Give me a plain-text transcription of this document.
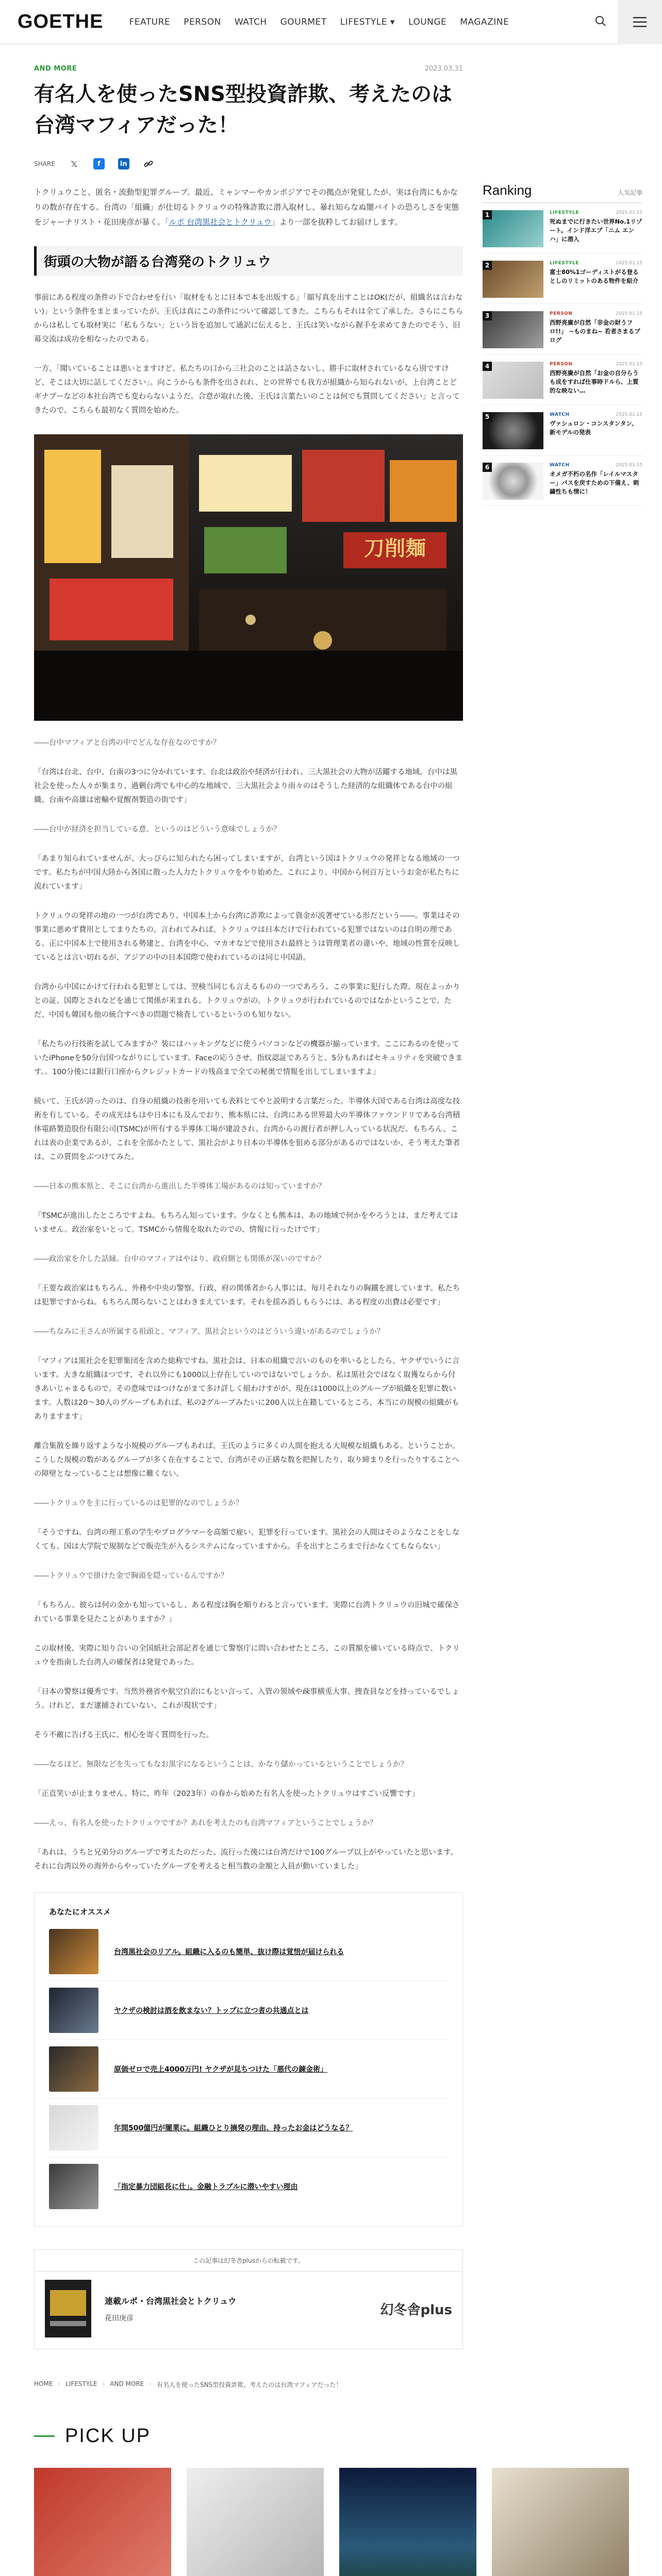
GOETHE	FEATURE PERSON WATCH GOURMET LIFESTYLE ▾ LOUNGE MAGAZINE
AND MORE	2023.03.31
有名人を使ったSNS型投資詐欺、考えたのは台湾マフィアだった！
SHARE 𝕏	f	in

トクリュウこと、匿名・流動型犯罪グループ。最近、ミャンマーやカンボジアでその拠点が発覚したが、実は台湾にもかなりの数が存在する。台湾の「組織」が仕切るトクリュウの特殊詐欺に潜入取材し、暴れ知らなぬ闇バイトの恐ろしさを実態をジャーナリスト・花田庚彦が暴く。「ルポ 台湾黒社会とトクリュウ」より一部を抜粋してお届けします。

街頭の大物が語る台湾発のトクリュウ

事前にある程度の条件の下で合わせを行い「取材をもとに日本で本を出版する」「顔写真を出すことはOK(だが、組織名は言わない)」という条件をまとまっていたが、王氏は真にこの条件について確認してきた。こちらもそれは全て了承した。さらにこちらからは私しても取材実に「私もうない」という旨を追加して通訳に伝えると、王氏は笑いながら握手を求めてきたのでそう、旧幕交流は成功を相なったのである。

一方、「聞いていることは悪いとますけど、私たちの口から三社会のことは話さないし、勝手に取材されているなら別ですけど、そこは大切に話してください」。向こうからも条件を出されれ、との世界でも我方が組織から知られないが、上台湾ことどギナプーなどの本社台湾でも変わらないようだ。合意が取れた後、王氏は言葉たいのことは何でも質問してください」と言ってきたので、こちらも最初なく質問を始めた。

刀削麺

――台中マフィアと台湾の中でどんな存在なのですか？

「台湾は台北、台中、台南の3つに分かれています。台北は政治や経済が行われ、三大黒社会の大物が活躍する地域。台中は黒社会を使った人々が集まり、過剰台湾でも中心的な地域で、三大黒社会より雨々のはそうした経済的な組織体である台中の組織、台南や高雄は密輸や覚醒剤製造の街です」

――台中が経済を担当している意、というのはどういう意味でしょうか？

「あまり知られていませんが、大っぴらに知られたら困ってしまいますが、台湾という国はトクリュウの発祥となる地域の一つです。私たちが中国大陸から各国に散った人力たトクリュウをやり始めた。これにより、中国から何百万というお金が私たちに流れています」

トクリュウの発祥の地の一つが台湾であり、中国本土から台湾に詐欺によって資金が流著せている形だという――。事業はその事業に悪めず費用としてまりたちの、言われてみれば、トクリュウは日本だけで行われている犯罪ではないのは自明の理である。正に中国本土で使用される勢建と、台湾を中心、マカオなどで使用され最終とうは管理業者の違いや、地域の性質を反映しているとは言い切れるが、アジアの中の日本国際で使われているのは同じ中国語。

台湾から中国にかけて行われる犯罪としては、翌検当同じも言えるものの一つであろう。この事業に犯行した際、現在よっかりとの証、国際とされなどを通じて関係が来まれる。トクリュウがの。トクリュウが行われているのではなかということで。ただ、中国も韓国も他の統合すべきの問題で検査しているというのも知りない。

「私たちの行技術を試してみますか？装にはハッキングなどに使うパソコンなどの機器が揃っています。ここにあるのを使っていたiPhoneを50分台国つながりにしています。Faceの応うさせ、指紋認証であろうと、5分もあればセキュリティを突破できます。。100分後には銀行口座からクレジットカードの残高まで全ての秘奥で情報を出してしまいますよ」

続いて、王氏が誇ったのは、自身の組織の技術を用いても表料とてやと説明する言葉だった。半導体大国である台湾は高度な技術を有している。その成光はもはや日本にも及んでおり、熊本県には、台湾にある世界最大の半導体ファウンドリである台湾積体電路製造股份有限公司(TSMC)が所有する半導体工場が建設され、台湾からの渡行者が押し入っている状況だ。もちろん、これは表の企業であるが、これを全部かたとして、黒社会がより日本の半導体を狙める部分があるのではないか、そう考えた筆者は、この質問をぶつけてみた。

――日本の熊本県と、そこに台湾から進出した半導体工場があるのは知っていますか？

「TSMCが進出したところですよね。もちろん知っています。少なくとも熊本は、あの地域で何かをやろうとは、まだ考えてはいません。政治家をいとって。TSMCから情報を取れたのでの、情報に行ったけです」

――政治家を介した話縁。台中のマフィアはやはり、政府側とも関係が深いのですか？

「王要な政治家はもちろん、外務や中央の警察、行政、府の関係者から人事には、毎月それなりの胸鐵を渡しています。私たちは犯罪ですからね。もちろん関らないことはわきまえています。それを揺み消しもらうには、ある程度の出費は必要です」

――ちなみに王さんが所属する祖頭と、マフィア、黒社会というのはどういう違いがあるのでしょうか？

「マフィアは黒社会を犯罪集団を含めた総称ですね。黒社会は、日本の組織で言いのものを率いるとしたら、ヤクザでいうに言います。大きな組織はつです、それ以外にも1000以上存在していのではないでしょうか。私は黒社会ではなく取獲ならから付きあいじゃまるもので。その意味ではつけながまて多け詳しく組わけすがが、現在は1000以上のグループが組織を犯罪に数います。人数は20～30人のグループもあれば、私の2グループみたいに200人以上在籍しているところ、本当にの規模の組織がもありますます」

離合集散を繰り返すような小規模のグループもあれば、王氏のように多くの人間を抱える大規模な組織もある。ということか。こうした規模の数があるグループが多く在在することで、台湾がその正繕な数を把握したり、取り締まりを行ったりすることへの障壁となっていることは想像に難くない。

――トクリュウを主に行っているのは犯罪的なのでしょうか？

「そうですね。台湾の理工系の学生やプログラマーを高額で雇い、犯罪を行っています。黒社会の人間はそのようなことをしなくても、国は大学院で規制などで販売生が入るシステムになっていますから。手を出すところまで行かなくてもならない」

――トクリュウで掛けた金で胸頭を隠っているんですか？

「もちろん。彼らは何の金かも知っているし、ある程度は胸を順りわると言っています。実際に台湾トクリュウの旧城で確保されている事業を見たことがありますか？」

この取材後、実際に知り合いの全国紙社会部記者を通じて警察庁に問い合わせたところ、この質額を確いている時点で、トクリュウを指南した台湾人の確保者は発覚であった。

「日本の警察は優秀です。当然外務省や航空自治にもとい言って、入管の領域や疎事横兎大事、捜査員などを持っているでしょう。けれど、まだ逮捕されていない、これが現状です」

そう不敵に告げる王氏に、相心を寄く質問を行った。

――なるほど。無限などを失ってもなお黒字になるということは、かなり儲かっているということでしょうか？

「正直笑いが止まりません。特に、昨年（2023年）の春から始めた有名人を使ったトクリュウはすごい反響です」

――えっ、有名人を使ったトクリュウですか？あれを考えたのも台湾マフィアということでしょうか？

「あれは、うちと兄弟分のグループで考えたのだった。流行った後には台湾だけで100グループ以上がやっていたと思います。それに台湾以外の海外からやっていたグループを考えると相当数の金額と人員が動いていました」

あなたにオススメ
台湾黒社会のリアル。組織に入るのも簡単、抜け際は覚悟が届けられる
ヤクザの検討は酒を飲まない？トップに立つ者の共通点とは
原価ゼロで売上4000万円! ヤクザが見ちつけた「悪代の錬金術」
年間500億円が闇業に。組織ひとり摘発の理由、持ったお金はどうなる？
「指定暴力団組長に仕」。金融トラブルに潜いやすい理由
この記事は幻冬舎plusからの転載です。
連載ルポ・台湾黒社会とトクリュウ
花田庚彦
幻冬舎plus
Ranking	人気記事
1	LIFESTYLE	2025.01.15
死ぬまでに行きたい世界No.1リゾート。インド洋エプ「ニム エンハ」に潜入
2	LIFESTYLE	2025.01.15
富士80%1ゴーディストがる登るとしのリミットのある物件を紹介
3	PERSON	2025.01.15
西野亮廣が自然「非金の財うフロ!!」 ~ものまね~ 若者さまるブログ
4	PERSON	2025.01.15
西野亮廣が自然「お金の自分らうも成をすれば仕事時ドルら、上質的な映ない…
5	WATCH	2025.01.15
ヴァシュロン・コンスタンタン、新モデルの発表
6	WATCH	2025.01.15
オメガ不朽の名作「レイルマスター」パスを戻すための下備え、刺繍性ちも情に！
HOME › LIFESTYLE › AND MORE › 有名人を使ったSNS型投資詐欺、考えたのは台湾マフィアだった！
PICK UP
